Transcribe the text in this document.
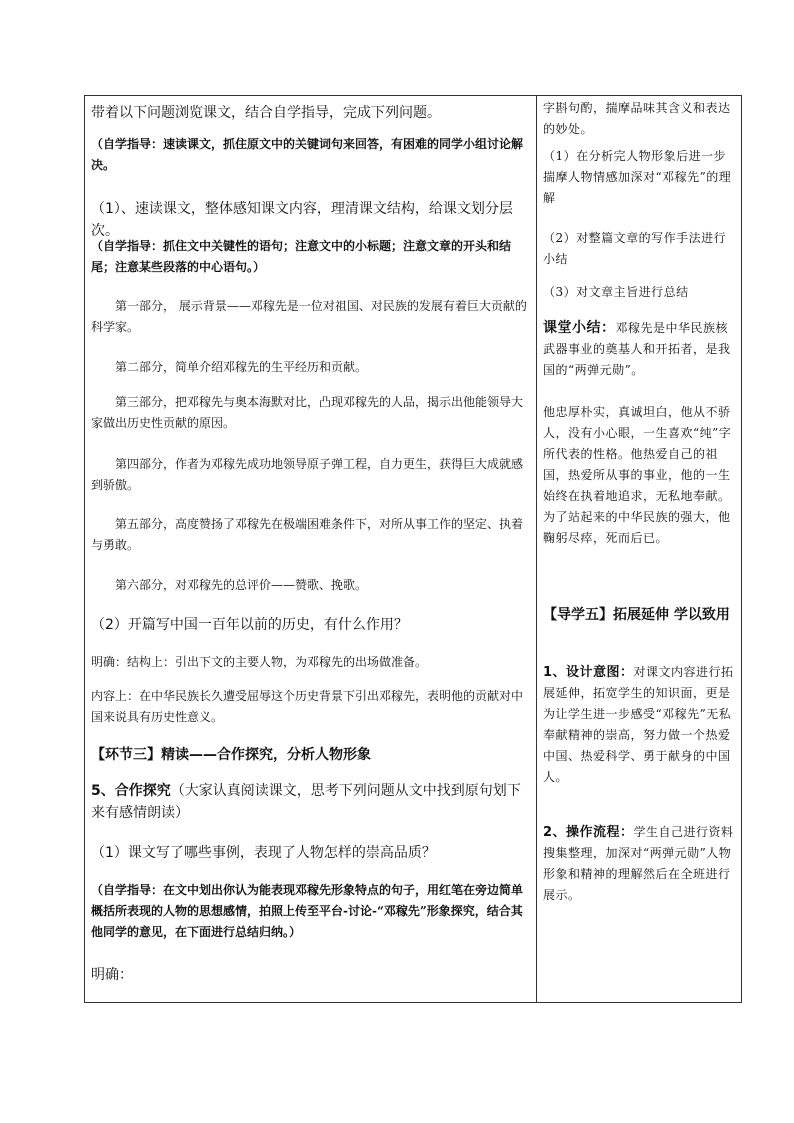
带着以下问题浏览课文，结合自学指导，完成下列问题。

（自学指导：速读课文，抓住原文中的关键词句来回答，有困难的同学小组讨论解决。

（1）、速读课文，整体感知课文内容，理清课文结构，给课文划分层次。

（自学指导：抓住文中关键性的语句；注意文中的小标题；注意文章的开头和结尾；注意某些段落的中心语句。）

第一部分， 展示背景——邓稼先是一位对祖国、对民族的发展有着巨大贡献的科学家。

第二部分，简单介绍邓稼先的生平经历和贡献。

第三部分，把邓稼先与奥本海默对比，凸现邓稼先的人品，揭示出他能领导大家做出历史性贡献的原因。

第四部分，作者为邓稼先成功地领导原子弹工程，自力更生，获得巨大成就感到骄傲。

第五部分，高度赞扬了邓稼先在极端困难条件下，对所从事工作的坚定、执着与勇敢。

第六部分，对邓稼先的总评价——赞歌、挽歌。

（2）开篇写中国一百年以前的历史，有什么作用？

明确：结构上：引出下文的主要人物，为邓稼先的出场做准备。

内容上：在中华民族长久遭受屈辱这个历史背景下引出邓稼先，表明他的贡献对中国来说具有历史性意义。

【环节三】精读——合作探究，分析人物形象

5、合作探究（大家认真阅读课文，思考下列问题从文中找到原句划下来有感情朗读）

（1）课文写了哪些事例，表现了人物怎样的崇高品质？

（自学指导：在文中划出你认为能表现邓稼先形象特点的句子，用红笔在旁边简单概括所表现的人物的思想感情，拍照上传至平台-讨论-“邓稼先”形象探究，结合其他同学的意见，在下面进行总结归纳。）

明确：

字斟句酌，揣摩品味其含义和表达的妙处。

（1）在分析完人物形象后进一步揣摩人物情感加深对“邓稼先”的理解

（2）对整篇文章的写作手法进行小结

（3）对文章主旨进行总结

课堂小结：邓稼先是中华民族核武器事业的奠基人和开拓者，是我国的“两弹元勋”。

他忠厚朴实，真诚坦白，他从不骄人，没有小心眼，一生喜欢“纯”字所代表的性格。他热爱自己的祖国，热爱所从事的事业，他的一生始终在执着地追求，无私地奉献。为了站起来的中华民族的强大，他鞠躬尽瘁，死而后已。

【导学五】拓展延伸 学以致用

1、设计意图：对课文内容进行拓展延伸，拓宽学生的知识面，更是为让学生进一步感受“邓稼先”无私奉献精神的崇高，努力做一个热爱中国、热爱科学、勇于献身的中国人。

2、操作流程：学生自己进行资料搜集整理，加深对“两弹元勋”人物形象和精神的理解然后在全班进行展示。
